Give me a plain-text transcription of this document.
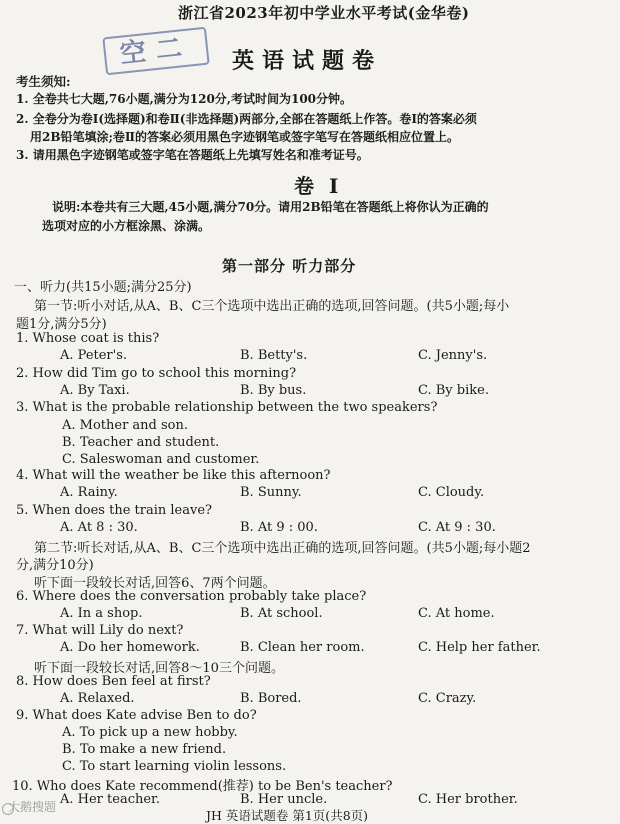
浙江省2023年初中学业水平考试(金华卷)
空二	英语试题卷
考生须知:
1. 全卷共七大题,76小题,满分为120分,考试时间为100分钟。
2. 全卷分为卷Ⅰ(选择题)和卷Ⅱ(非选择题)两部分,全部在答题纸上作答。卷Ⅰ的答案必须
用2B铅笔填涂;卷Ⅱ的答案必须用黑色字迹钢笔或签字笔写在答题纸相应位置上。
3. 请用黑色字迹钢笔或签字笔在答题纸上先填写姓名和准考证号。
卷 Ⅰ
说明:本卷共有三大题,45小题,满分70分。请用2B铅笔在答题纸上将你认为正确的
选项对应的小方框涂黑、涂满。
第一部分 听力部分
一、听力(共15小题;满分25分)
第一节:听小对话,从A、B、C三个选项中选出正确的选项,回答问题。(共5小题;每小
题1分,满分5分)
1. Whose coat is this?
A. Peter's.	B. Betty's.	C. Jenny's.
2. How did Tim go to school this morning?
A. By Taxi.	B. By bus.	C. By bike.
3. What is the probable relationship between the two speakers?
A. Mother and son.
B. Teacher and student.
C. Saleswoman and customer.
4. What will the weather be like this afternoon?
A. Rainy.	B. Sunny.	C. Cloudy.
5. When does the train leave?
A. At 8 : 30.	B. At 9 : 00.	C. At 9 : 30.
第二节:听长对话,从A、B、C三个选项中选出正确的选项,回答问题。(共5小题;每小题2
分,满分10分)
听下面一段较长对话,回答6、7两个问题。
6. Where does the conversation probably take place?
A. In a shop.	B. At school.	C. At home.
7. What will Lily do next?
A. Do her homework.	B. Clean her room.	C. Help her father.
听下面一段较长对话,回答8～10三个问题。
8. How does Ben feel at first?
A. Relaxed.	B. Bored.	C. Crazy.
9. What does Kate advise Ben to do?
A. To pick up a new hobby.
B. To make a new friend.
C. To start learning violin lessons.
10. Who does Kate recommend(推荐) to be Ben's teacher?
A. Her teacher.	B. Her uncle.	C. Her brother.
JH 英语试题卷 第1页(共8页)
大鹅搜题
